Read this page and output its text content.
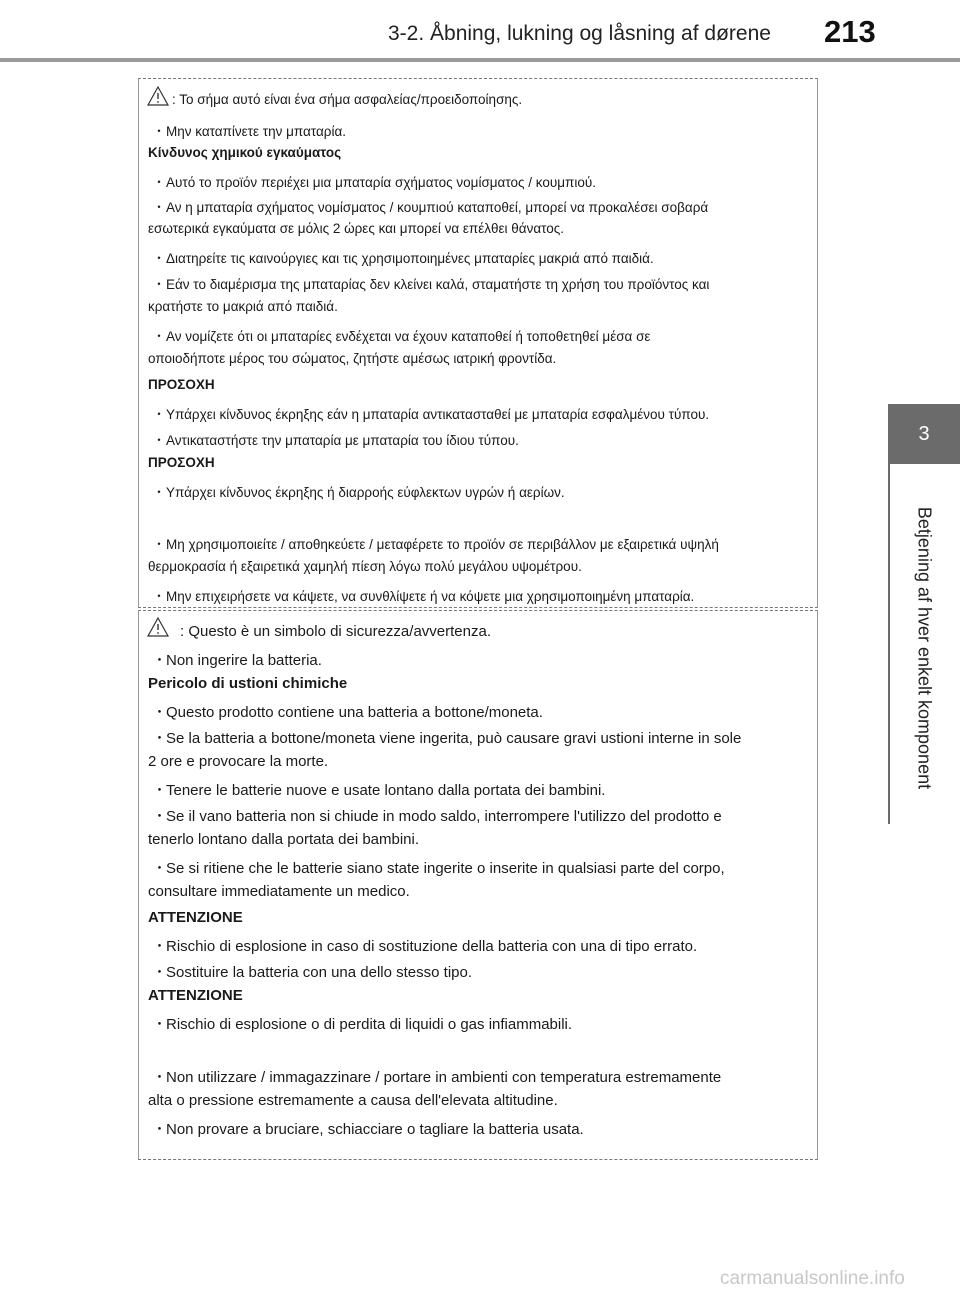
3-2. Åbning, lukning og låsning af dørene 213
3
Betjening af hver enkelt komponent
: Το σήμα αυτό είναι ένα σήμα ασφαλείας/προειδοποίησης.
・Μην καταπίνετε την μπαταρία.
Κίνδυνος χημικού εγκαύματος
・Αυτό το προϊόν περιέχει μια μπαταρία σχήματος νομίσματος / κουμπιού.
・Αν η μπαταρία σχήματος νομίσματος / κουμπιού καταποθεί, μπορεί να προκαλέσει σοβαρά
εσωτερικά εγκαύματα σε μόλις 2 ώρες και μπορεί να επέλθει θάνατος.
・Διατηρείτε τις καινούργιες και τις χρησιμοποιημένες μπαταρίες μακριά από παιδιά.
・Εάν το διαμέρισμα της μπαταρίας δεν κλείνει καλά, σταματήστε τη χρήση του προϊόντος και
κρατήστε το μακριά από παιδιά.
・Αν νομίζετε ότι οι μπαταρίες ενδέχεται να έχουν καταποθεί ή τοποθετηθεί μέσα σε
οποιοδήποτε μέρος του σώματος, ζητήστε αμέσως ιατρική φροντίδα.
ΠΡΟΣΟΧΗ
・Υπάρχει κίνδυνος έκρηξης εάν η μπαταρία αντικατασταθεί με μπαταρία εσφαλμένου τύπου.
・Αντικαταστήστε την μπαταρία με μπαταρία του ίδιου τύπου.
ΠΡΟΣΟΧΗ
・Υπάρχει κίνδυνος έκρηξης ή διαρροής εύφλεκτων υγρών ή αερίων.
・Μη χρησιμοποιείτε / αποθηκεύετε / μεταφέρετε το προϊόν σε περιβάλλον με εξαιρετικά υψηλή
θερμοκρασία ή εξαιρετικά χαμηλή πίεση λόγω πολύ μεγάλου υψομέτρου.
・Μην επιχειρήσετε να κάψετε, να συνθλίψετε ή να κόψετε μια χρησιμοποιημένη μπαταρία.
: Questo è un simbolo di sicurezza/avvertenza.
・Non ingerire la batteria.
Pericolo di ustioni chimiche
・Questo prodotto contiene una batteria a bottone/moneta.
・Se la batteria a bottone/moneta viene ingerita, può causare gravi ustioni interne in sole
2 ore e provocare la morte.
・Tenere le batterie nuove e usate lontano dalla portata dei bambini.
・Se il vano batteria non si chiude in modo saldo, interrompere l'utilizzo del prodotto e
tenerlo lontano dalla portata dei bambini.
・Se si ritiene che le batterie siano state ingerite o inserite in qualsiasi parte del corpo,
consultare immediatamente un medico.
ATTENZIONE
・Rischio di esplosione in caso di sostituzione della batteria con una di tipo errato.
・Sostituire la batteria con una dello stesso tipo.
ATTENZIONE
・Rischio di esplosione o di perdita di liquidi o gas infiammabili.
・Non utilizzare / immagazzinare / portare in ambienti con temperatura estremamente
alta o pressione estremamente a causa dell'elevata altitudine.
・Non provare a bruciare, schiacciare o tagliare la batteria usata.
carmanualsonline.info
